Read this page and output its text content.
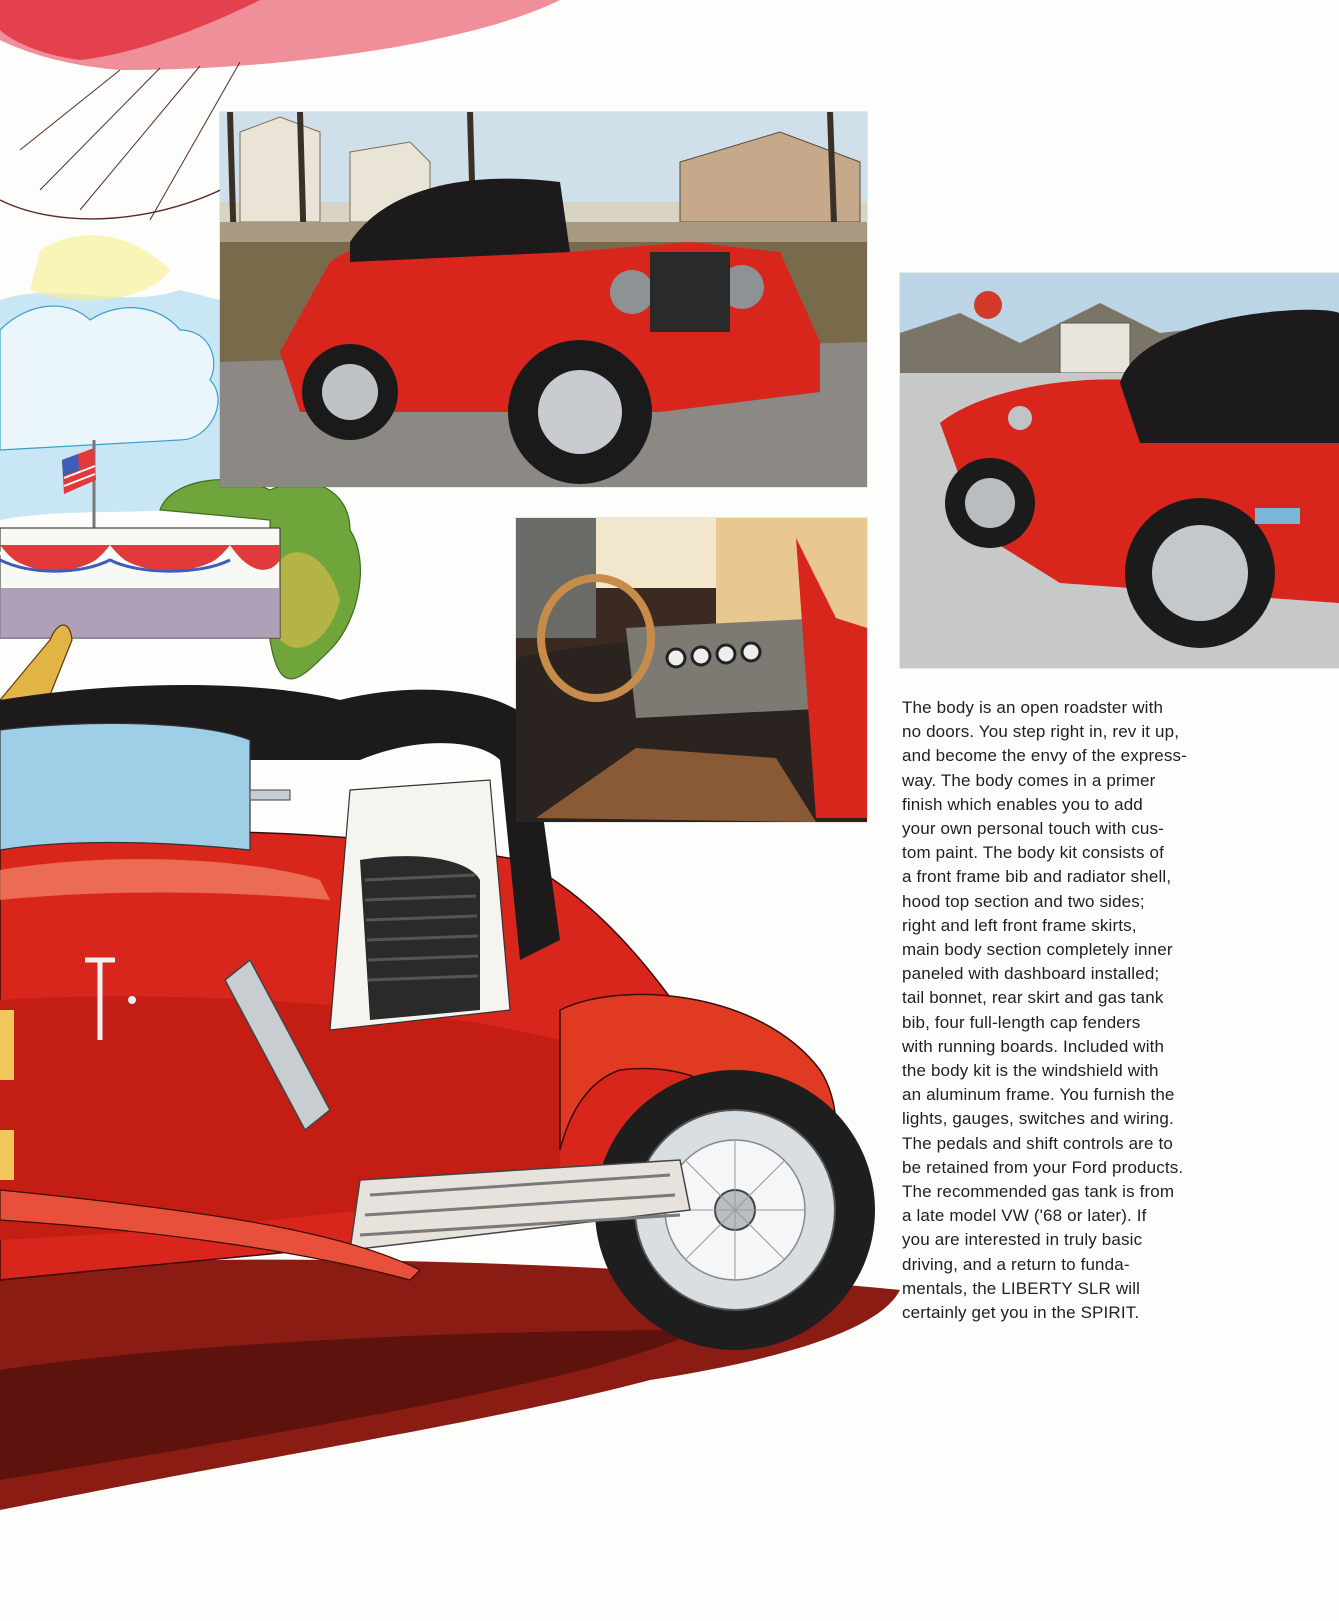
The body is an open roadster with
no doors. You step right in, rev it up,
and become the envy of the express-
way. The body comes in a primer
finish which enables you to add
your own personal touch with cus-
tom paint. The body kit consists of
a front frame bib and radiator shell,
hood top section and two sides;
right and left front frame skirts,
main body section completely inner
paneled with dashboard installed;
tail bonnet, rear skirt and gas tank
bib, four full-length cap fenders
with running boards. Included with
the body kit is the windshield with
an aluminum frame. You furnish the
lights, gauges, switches and wiring.
The pedals and shift controls are to
be retained from your Ford products.
The recommended gas tank is from
a late model VW ('68 or later). If
you are interested in truly basic
driving, and a return to funda-
mentals, the LIBERTY SLR will
certainly get you in the SPIRIT.
